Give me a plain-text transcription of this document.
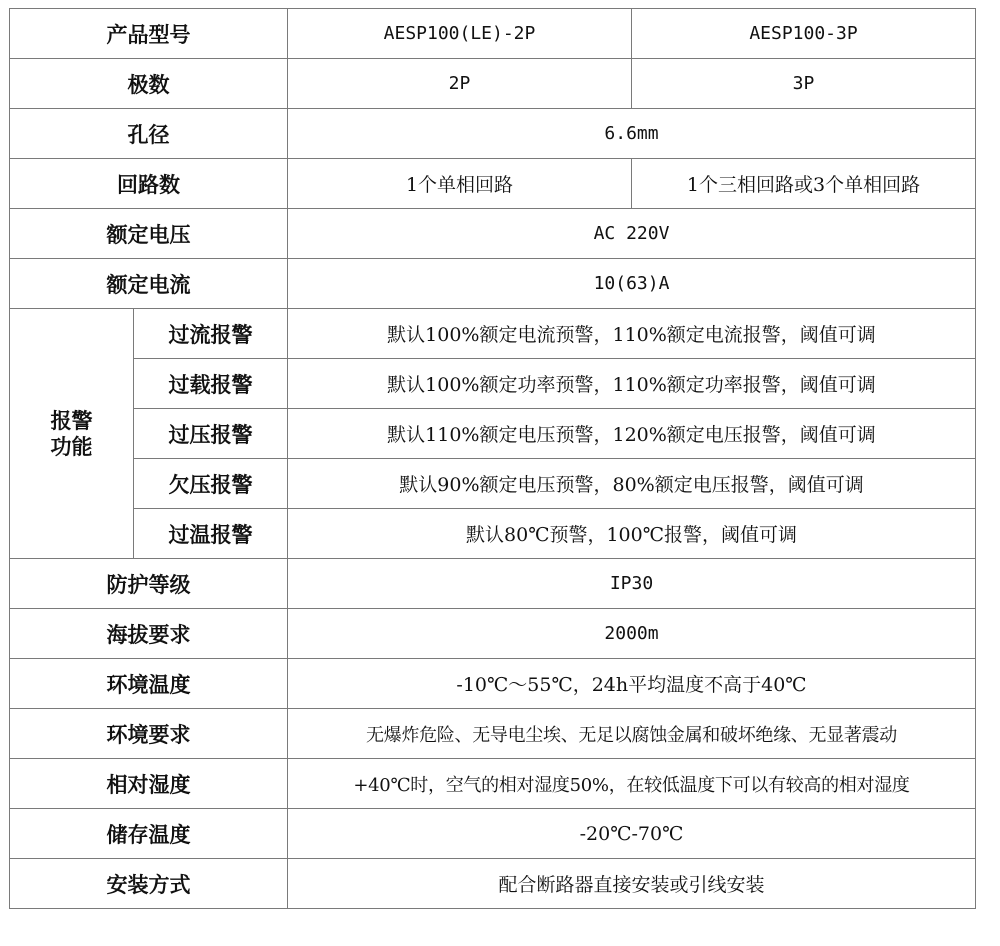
产品型号		AESP100(LE)-2P	AESP100-3P
极数		2P	3P
孔径		6.6mm	
回路数		1个单相回路	1个三相回路或3个单相回路
额定电压		AC 220V	
额定电流		10(63)A	

报警
功能	过流报警	默认100%额定电流预警，110%额定电流报警，阈值可调	
	过载报警	默认100%额定功率预警，110%额定功率报警，阈值可调	
	过压报警	默认110%额定电压预警，120%额定电压报警，阈值可调	
	欠压报警	默认90%额定电压预警，80%额定电压报警，阈值可调	
	过温报警	默认80℃预警，100℃报警，阈值可调	
防护等级		IP30	
海拔要求		2000m	
环境温度		-10℃～55℃，24h平均温度不高于40℃	
环境要求		无爆炸危险、无导电尘埃、无足以腐蚀金属和破坏绝缘、无显著震动	
相对湿度		+40℃时，空气的相对湿度50%，在较低温度下可以有较高的相对湿度	
储存温度		-20℃-70℃	
安装方式		配合断路器直接安装或引线安装	
